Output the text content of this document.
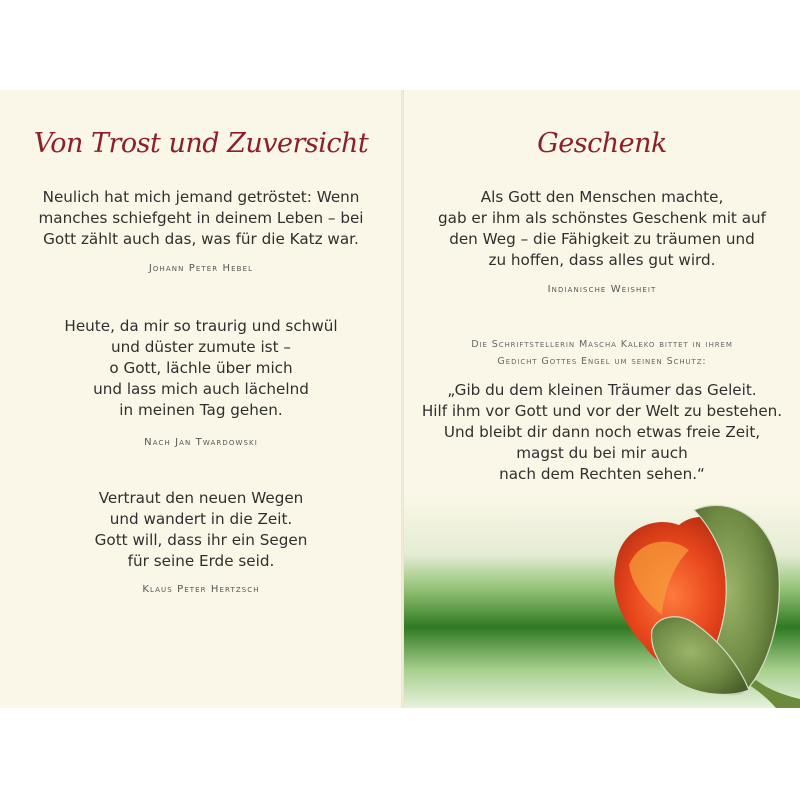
Von Trost und Zuversicht
Neulich hat mich jemand getröstet: Wenn
manches schiefgeht in deinem Leben – bei
Gott zählt auch das, was für die Katz war.
Johann Peter Hebel
Heute, da mir so traurig und schwül
und düster zumute ist –
o Gott, lächle über mich
und lass mich auch lächelnd
in meinen Tag gehen.
Nach Jan Twardowski
Vertraut den neuen Wegen
und wandert in die Zeit.
Gott will, dass ihr ein Segen
für seine Erde seid.
Klaus Peter Hertzsch
Geschenk
Als Gott den Menschen machte,
gab er ihm als schönstes Geschenk mit auf
den Weg – die Fähigkeit zu träumen und
zu hoffen, dass alles gut wird.
Indianische Weisheit
Die Schriftstellerin Mascha Kaleko bittet in ihrem
Gedicht Gottes Engel um seinen Schutz:
„Gib du dem kleinen Träumer das Geleit.
Hilf ihm vor Gott und vor der Welt zu bestehen.
Und bleibt dir dann noch etwas freie Zeit,
magst du bei mir auch
nach dem Rechten sehen.“
